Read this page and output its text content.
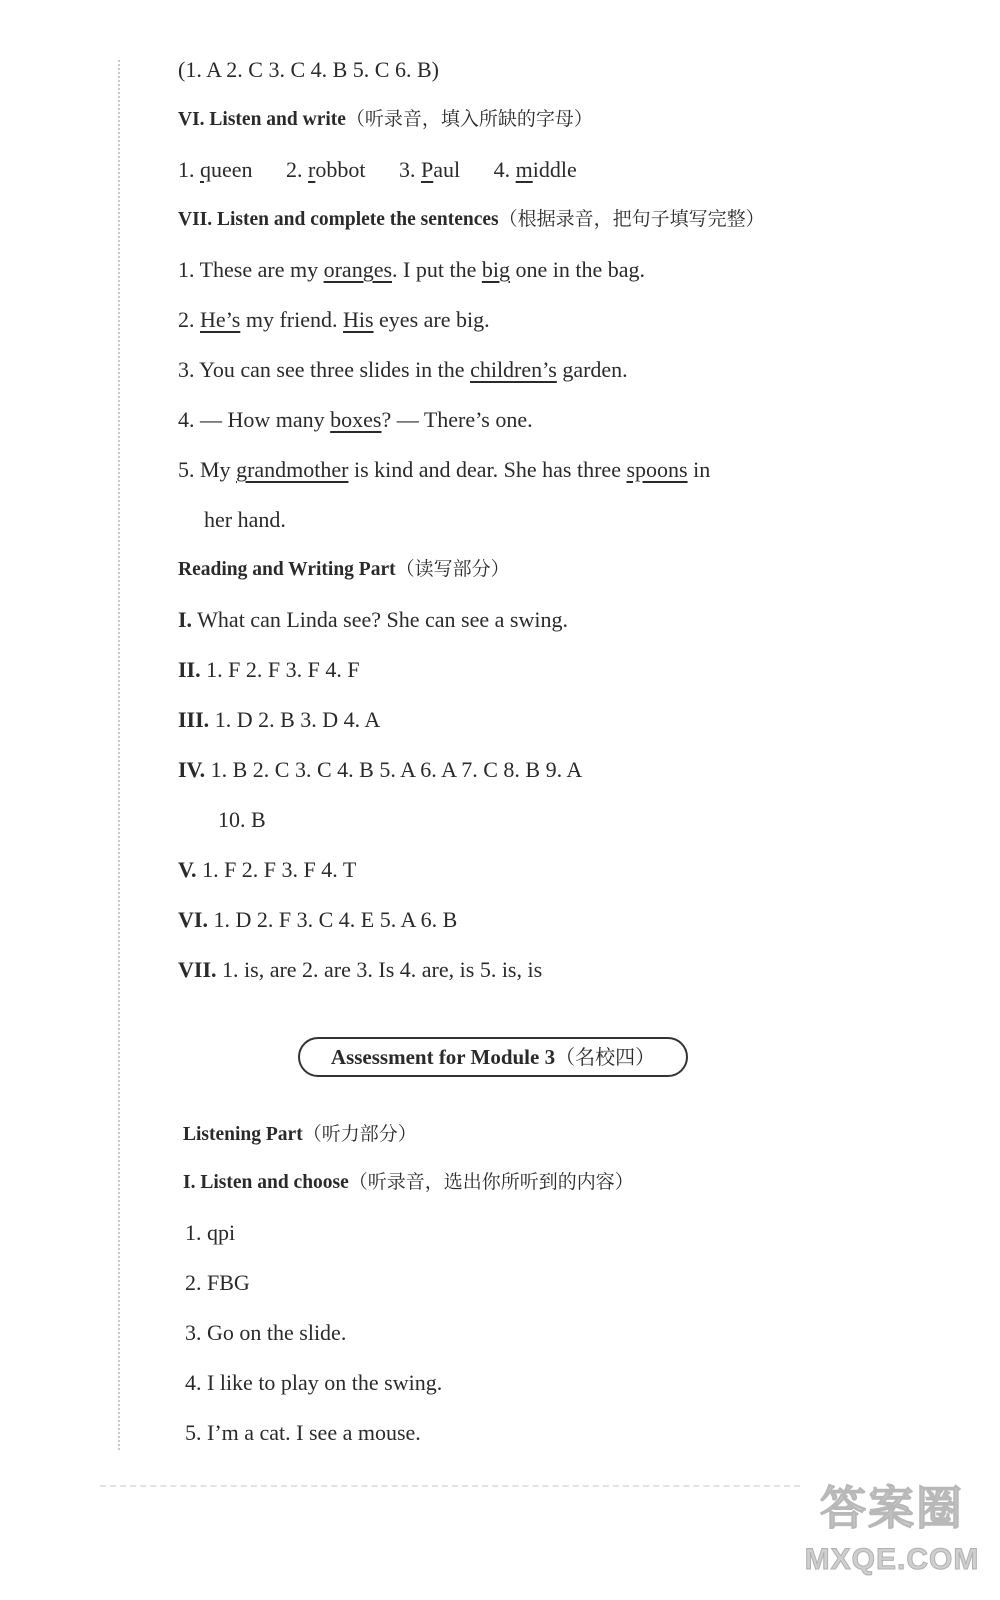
(1. A 2. C 3. C 4. B 5. C 6. B)
VI. Listen and write（听录音，填入所缺的字母）
1. queen 2. robbot 3. Paul 4. middle
VII. Listen and complete the sentences（根据录音，把句子填写完整）
1. These are my oranges. I put the big one in the bag.
2. He’s my friend. His eyes are big.
3. You can see three slides in the children’s garden.
4. — How many boxes? — There’s one.
5. My grandmother is kind and dear. She has three spoons in
her hand.
Reading and Writing Part（读写部分）
I. What can Linda see? She can see a swing.
II. 1. F 2. F 3. F 4. F
III. 1. D 2. B 3. D 4. A
IV. 1. B 2. C 3. C 4. B 5. A 6. A 7. C 8. B 9. A
10. B
V. 1. F 2. F 3. F 4. T
VI. 1. D 2. F 3. C 4. E 5. A 6. B
VII. 1. is, are 2. are 3. Is 4. are, is 5. is, is
Assessment for Module 3（名校四）
Listening Part（听力部分）
I. Listen and choose（听录音，选出你所听到的内容）
1. qpi
2. FBG
3. Go on the slide.
4. I like to play on the swing.
5. I’m a cat. I see a mouse.
答案圈
MXQE.COM
